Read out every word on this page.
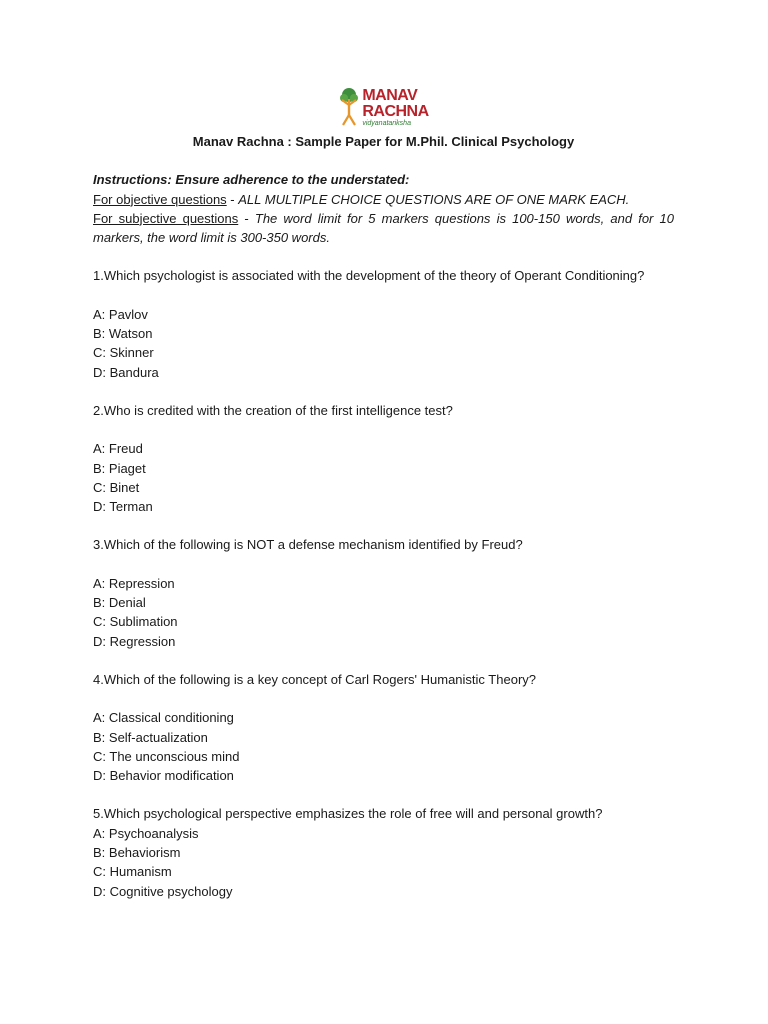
MANAV
RACHNA
vidyanatariksha

Manav Rachna : Sample Paper for M.Phil. Clinical Psychology

Instructions: Ensure adherence to the understated:

For objective questions - ALL MULTIPLE CHOICE QUESTIONS ARE OF ONE MARK EACH.

For subjective questions - The word limit for 5 markers questions is 100-150 words, and for 10 markers, the word limit is 300-350 words.

1.Which psychologist is associated with the development of the theory of Operant Conditioning?

A: Pavlov

B: Watson

C: Skinner

D: Bandura

2.Who is credited with the creation of the first intelligence test?

A: Freud

B: Piaget

C: Binet

D: Terman

3.Which of the following is NOT a defense mechanism identified by Freud?

A: Repression

B: Denial

C: Sublimation

D: Regression

4.Which of the following is a key concept of Carl Rogers' Humanistic Theory?

A: Classical conditioning

B: Self-actualization

C: The unconscious mind

D: Behavior modification

5.Which psychological perspective emphasizes the role of free will and personal growth?

A: Psychoanalysis

B: Behaviorism

C: Humanism

D: Cognitive psychology
